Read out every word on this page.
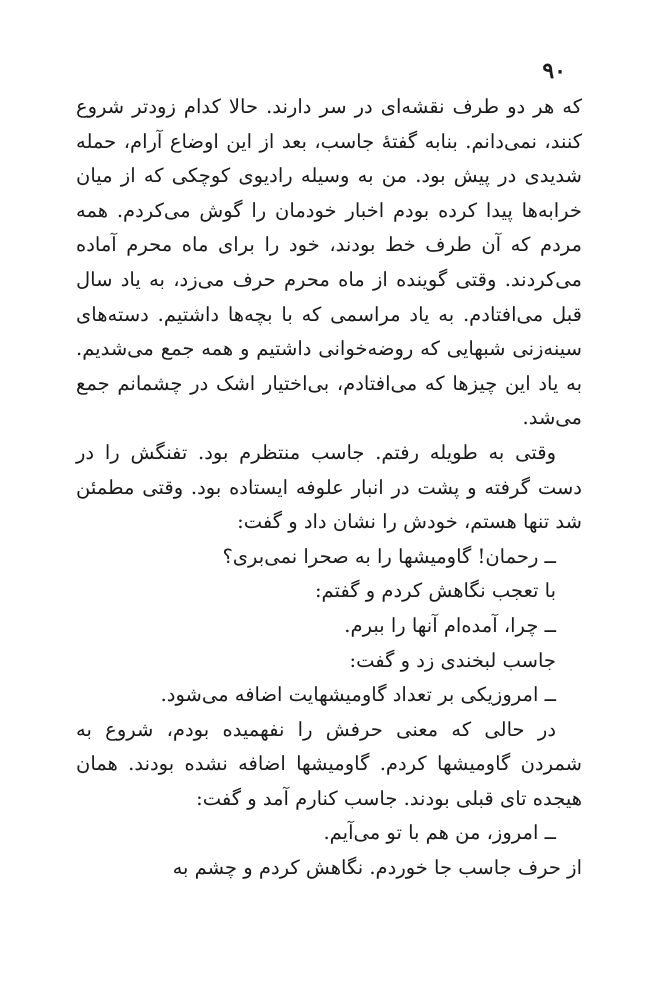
۹۰

که هر دو طرف نقشه‌ای در سر دارند. حالا کدام زودتر شروع کنند، نمی‌دانم. بنابه گفتهٔ جاسب، بعد از این اوضاع آرام، حمله شدیدی در پیش بود. من به وسیله رادیوی کوچکی که از میان خرابه‌ها پیدا کرده بودم اخبار خودمان را گوش می‌کردم. همه مردم که آن طرف خط بودند، خود را برای ماه محرم آماده می‌کردند. وقتی گوینده از ماه محرم حرف می‌زد، به یاد سال قبل می‌افتادم. به یاد مراسمی که با بچه‌ها داشتیم. دسته‌های سینه‌زنی شبهایی که روضه‌خوانی داشتیم و همه جمع می‌شدیم. به یاد این چیزها که می‌افتادم، بی‌اختیار اشک در چشمانم جمع می‌شد.

وقتی به طویله رفتم. جاسب منتظرم بود. تفنگش را در دست گرفته و پشت در انبار علوفه ایستاده بود. وقتی مطمئن شد تنها هستم، خودش را نشان داد و گفت:

ــ رحمان! گاومیشها را به صحرا نمی‌بری؟

با تعجب نگاهش کردم و گفتم:

ــ چرا، آمده‌ام آنها را ببرم.

جاسب لبخندی زد و گفت:

ــ امروزیکی بر تعداد گاومیشهایت اضافه می‌شود.

در حالی که معنی حرفش را نفهمیده بودم، شروع به شمردن گاومیشها کردم. گاومیشها اضافه نشده بودند. همان هیجده تای قبلی بودند. جاسب کنارم آمد و گفت:

ــ امروز، من هم با تو می‌آیم.

از حرف جاسب جا خوردم. نگاهش کردم و چشم به
